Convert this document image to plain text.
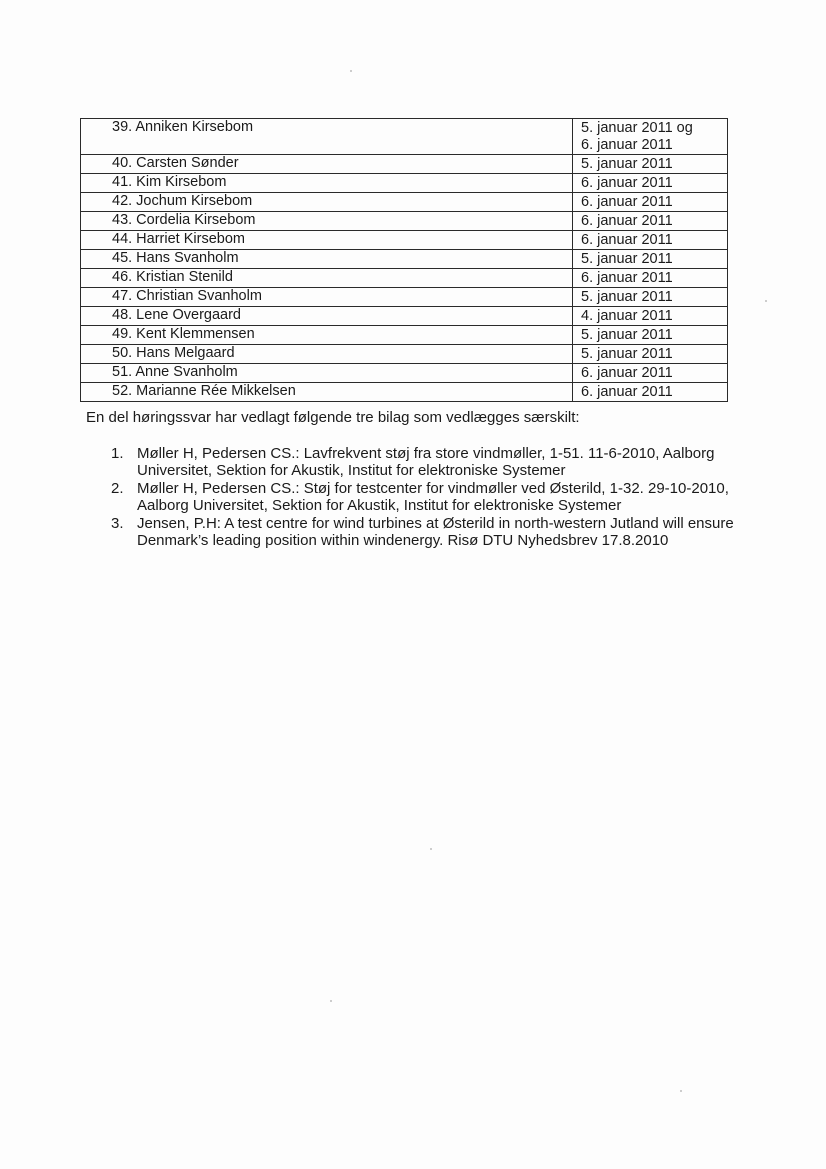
39. Anniken Kirsebom	5. januar 2011 og
6. januar 2011

40. Carsten Sønder	5. januar 2011

41. Kim Kirsebom	6. januar 2011

42. Jochum Kirsebom	6. januar 2011

43. Cordelia Kirsebom	6. januar 2011

44. Harriet Kirsebom	6. januar 2011

45. Hans Svanholm	5. januar 2011

46. Kristian Stenild	6. januar 2011

47. Christian Svanholm	5. januar 2011

48. Lene Overgaard	4. januar 2011

49. Kent Klemmensen	5. januar 2011

50. Hans Melgaard	5. januar 2011

51. Anne Svanholm	6. januar 2011

52. Marianne Rée Mikkelsen	6. januar 2011

En del høringssvar har vedlagt følgende tre bilag som vedlægges særskilt:

1. Møller H, Pedersen CS.: Lavfrekvent støj fra store vindmøller, 1-51. 11-6-2010, Aalborg
Universitet, Sektion for Akustik, Institut for elektroniske Systemer
2. Møller H, Pedersen CS.: Støj for testcenter for vindmøller ved Østerild, 1-32. 29-10-2010,
Aalborg Universitet, Sektion for Akustik, Institut for elektroniske Systemer
3. Jensen, P.H: A test centre for wind turbines at Østerild in north-western Jutland will ensure
Denmark’s leading position within windenergy. Risø DTU Nyhedsbrev 17.8.2010
